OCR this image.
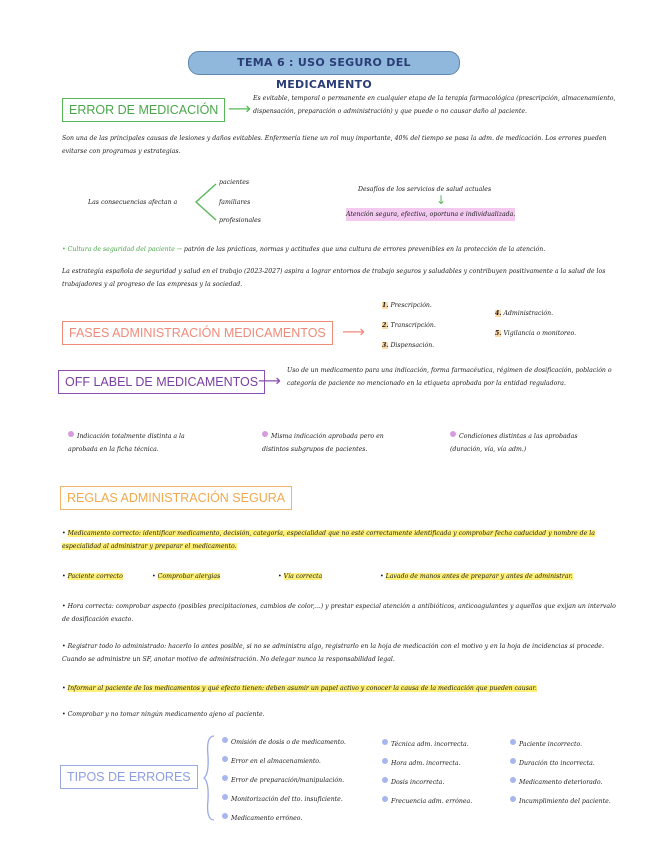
TEMA 6 : USO SEGURO DEL MEDICAMENTO
ERROR DE MEDICACIÓN ⟶
Es evitable, temporal o permanente en cualquier etapa de la terapia farmacológica (prescripción, almacenamiento, dispensación, preparación o administración) y que puede o no causar daño al paciente.
Son una de las principales causas de lesiones y daños evitables. Enfermería tiene un rol muy importante, 40% del tiempo se pasa la adm. de medicación. Los errores pueden evitarse con programas y estrategias.
Las consecuencias afectan a
pacientes
familiares
profesionales
Desafíos de los servicios de salud actuales
↓
Atención segura, efectiva, oportuna e individualizada.
• Cultura de seguridad del paciente → patrón de las prácticas, normas y actitudes que una cultura de errores prevenibles en la protección de la atención.
La estrategia española de seguridad y salud en el trabajo (2023-2027) aspira a lograr entornos de trabajo seguros y saludables y contribuyen positivamente a la salud de los trabajadores y al progreso de las empresas y la sociedad.
FASES ADMINISTRACIÓN MEDICAMENTOS	⟶
1. Prescripción.
2. Transcripción.
3. Dispensación.
4. Administración.
5. Vigilancia o monitoreo.
OFF LABEL DE MEDICAMENTOS ⟶
Uso de un medicamento para una indicación, forma farmacéutica, régimen de dosificación, población o categoría de paciente no mencionado en la etiqueta aprobada por la entidad reguladora.
Indicación totalmente distinta a la aprobada en la ficha técnica.
Misma indicación aprobada pero en distintos subgrupos de pacientes.
Condiciones distintas a las aprobadas (duración, vía, vía adm.)
REGLAS ADMINISTRACIÓN SEGURA
• Medicamento correcto: identificar medicamento, decisión, categoría, especialidad que no esté correctamente identificada y comprobar fecha caducidad y nombre de la especialidad al administrar y preparar el medicamento.
• Paciente correcto	• Comprobar alergias	• Vía correcta	• Lavado de manos antes de preparar y antes de administrar.
• Hora correcta: comprobar aspecto (posibles precipitaciones, cambios de color,...) y prestar especial atención a antibióticos, anticoagulantes y aquellos que exijan un intervalo de dosificación exacto.
• Registrar todo lo administrado: hacerlo lo antes posible, si no se administra algo, registrarlo en la hoja de medicación con el motivo y en la hoja de incidencias si procede. Cuando se administre un SF, anotar motivo de administración. No delegar nunca la responsabilidad legal.
• Informar al paciente de los medicamentos y qué efecto tienen: deben asumir un papel activo y conocer la causa de la medicación que pueden causar.
• Comprobar y no tomar ningún medicamento ajeno al paciente.
TIPOS DE ERRORES
Omisión de dosis o de medicamento.
Error en el almacenamiento.
Error de preparación/manipulación.
Monitorización del tto. insuficiente.
Medicamento erróneo.
Técnica adm. incorrecta.
Hora adm. incorrecta.
Dosis incorrecta.
Frecuencia adm. errónea.
Paciente incorrecto.
Duración tto incorrecta.
Medicamento deteriorado.
Incumplimiento del paciente.
